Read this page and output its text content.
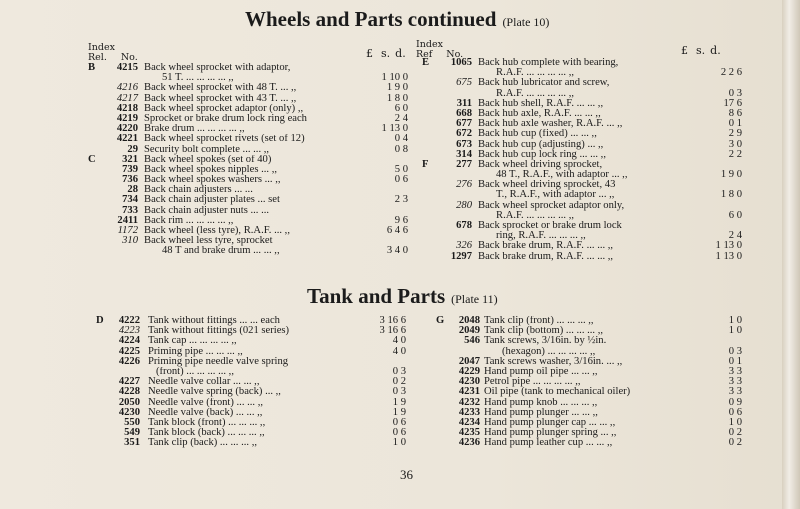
Wheels and Parts continued (Plate 10)
Index
Rel. No.	£ s. d.
Index
Ref No.	£ s. d.
B	4215 Back wheel sprocket with adaptor,
51 T. ... ... ... ... ,,	1 10 0
4216 Back wheel sprocket with 48 T. ... ,,	1 9 0
4217 Back wheel sprocket with 43 T. ... ,,	1 8 0
4218 Back wheel sprocket adaptor (only) ,,	6 0
4219 Sprocket or brake drum lock ring each	2 4
4220 Brake drum ... ... ... ... ,,	1 13 0
4221 Back wheel sprocket rivets (set of 12)	0 4
29 Security bolt complete ... ... ,,	0 8
C	321 Back wheel spokes (set of 40)
739 Back wheel spokes nipples ... ,,	5 0
736 Back wheel spokes washers ... ,,	0 6
28 Back chain adjusters ... ...
734 Back chain adjuster plates ... set	2 3
733 Back chain adjuster nuts ... ...
2411 Back rim ... ... ... ... ,,	9 6
1172 Back wheel (less tyre), R.A.F. ... ,,	6 4 6
310 Back wheel less tyre, sprocket
48 T and brake drum ... ... ,,	3 4 0
E	1065 Back hub complete with bearing,
R.A.F. ... ... ... ... ,,	2 2 6
675 Back hub lubricator and screw,
R.A.F. ... ... ... ... ,,	0 3
311 Back hub shell, R.A.F. ... ... ,,	17 6
668 Back hub axle, R.A.F. ... ... ,,	8 6
677 Back hub axle washer, R.A.F. ... ,,	0 1
672 Back hub cup (fixed) ... ... ,,	2 9
673 Back hub cup (adjusting) ... ,,	3 0
314 Back hub cup lock ring ... ... ,,	2 2
F	277 Back wheel driving sprocket,
48 T., R.A.F., with adaptor ... ,,	1 9 0
276 Back wheel driving sprocket, 43
T., R.A.F., with adaptor ... ,,	1 8 0
280 Back wheel sprocket adaptor only,
R.A.F. ... ... ... ... ,,	6 0
678 Back sprocket or brake drum lock
ring, R.A.F. ... ... ... ,,	2 4
326 Back brake drum, R.A.F. ... ... ,,	1 13 0
1297 Back brake drum, R.A.F. ... ... ,,	1 13 0
Tank and Parts (Plate 11)
D	4222 Tank without fittings ... ... each	3 16 6
4223 Tank without fittings (021 series)	3 16 6
4224 Tank cap ... ... ... ... ,,	4 0
4225 Priming pipe ... ... ... ,,	4 0
4226 Priming pipe needle valve spring
(front) ... ... ... ... ,,	0 3
4227 Needle valve collar ... ... ,,	0 2
4228 Needle valve spring (back) ... ,,	0 3
2050 Needle valve (front) ... ... ,,	1 9
4230 Needle valve (back) ... ... ,,	1 9
550 Tank block (front) ... ... ... ,,	0 6
549 Tank block (back) ... ... ... ,,	0 6
351 Tank clip (back) ... ... ... ,,	1 0
G	2048 Tank clip (front) ... ... ... ,,	1 0
2049 Tank clip (bottom) ... ... ... ,,	1 0
546 Tank screws, 3/16in. by ½in.
(hexagon) ... ... ... ... ,,	0 3
2047 Tank screws washer, 3/16in. ... ,,	0 1
4229 Hand pump oil pipe ... ... ,,	3 3
4230 Petrol pipe ... ... ... ... ,,	3 3
4231 Oil pipe (tank to mechanical oiler)	3 3
4232 Hand pump knob ... ... ... ,,	0 9
4233 Hand pump plunger ... ... ,,	0 6
4234 Hand pump plunger cap ... ... ,,	1 0
4235 Hand pump plunger spring ... ,,	0 2
4236 Hand pump leather cup ... ... ,,	0 2
36
